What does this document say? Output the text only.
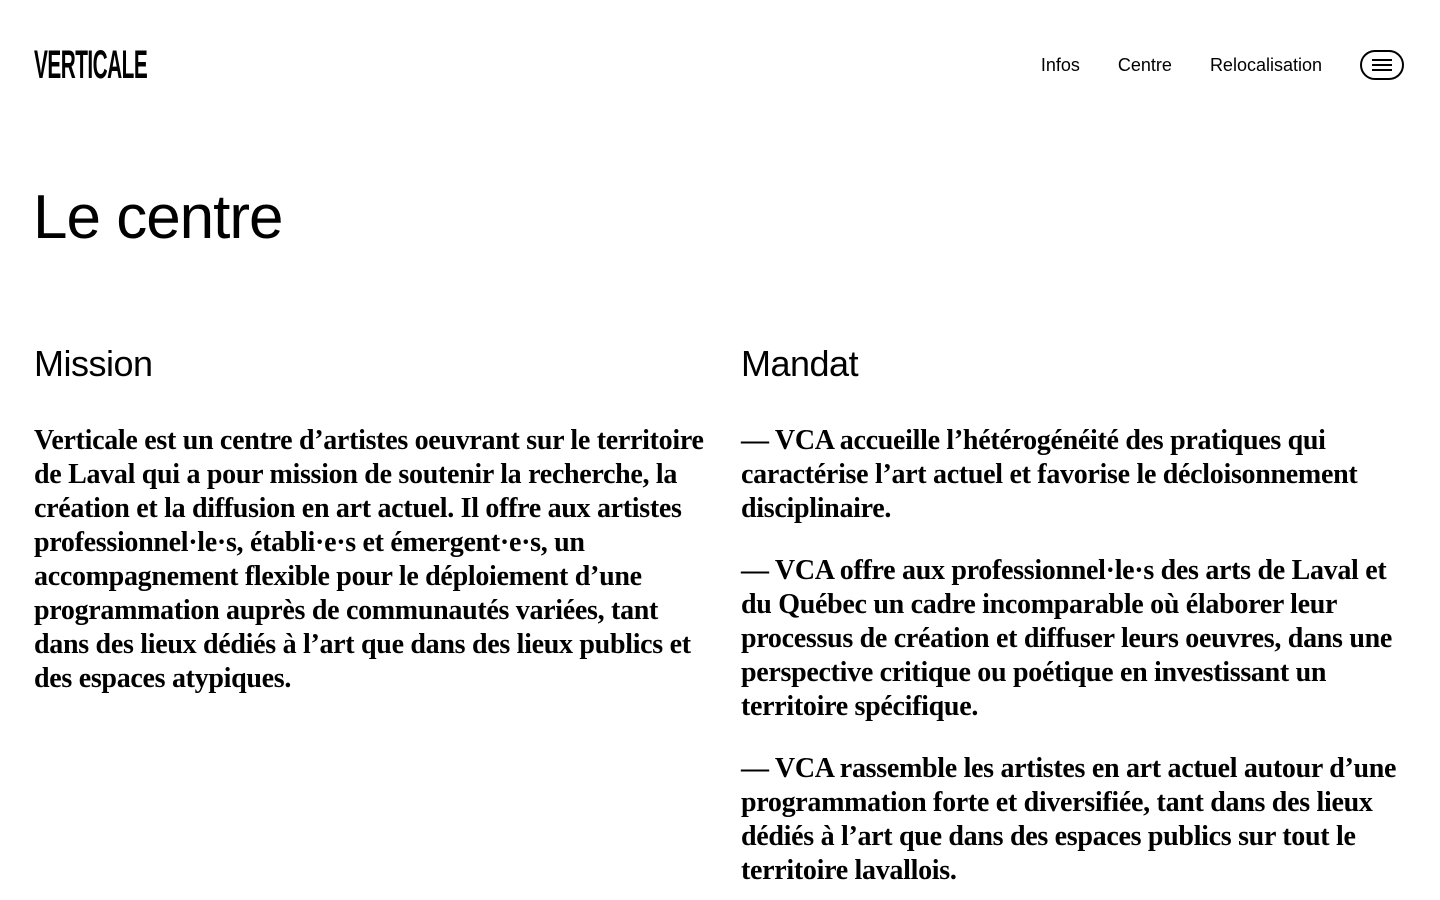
VERTICALE	Infos Centre Relocalisation
Le centre
Mission

Verticale est un centre d’artistes oeuvrant sur le territoire de Laval qui a pour mission de soutenir la recherche, la création et la diffusion en art actuel. Il offre aux artistes professionnel·le·s, établi·e·s et émergent·e·s, un accompagnement flexible pour le déploiement d’une programmation auprès de communautés variées, tant dans des lieux dédiés à l’art que dans des lieux publics et des espaces atypiques.

Mandat

— VCA accueille l’hétérogénéité des pratiques qui caractérise l’art actuel et favorise le décloisonnement disciplinaire.

— VCA offre aux professionnel·le·s des arts de Laval et du Québec un cadre incomparable où élaborer leur processus de création et diffuser leurs oeuvres, dans une perspective critique ou poétique en investissant un territoire spécifique.

— VCA rassemble les artistes en art actuel autour d’une programmation forte et diversifiée, tant dans des lieux dédiés à l’art que dans des espaces publics sur tout le territoire lavallois.
